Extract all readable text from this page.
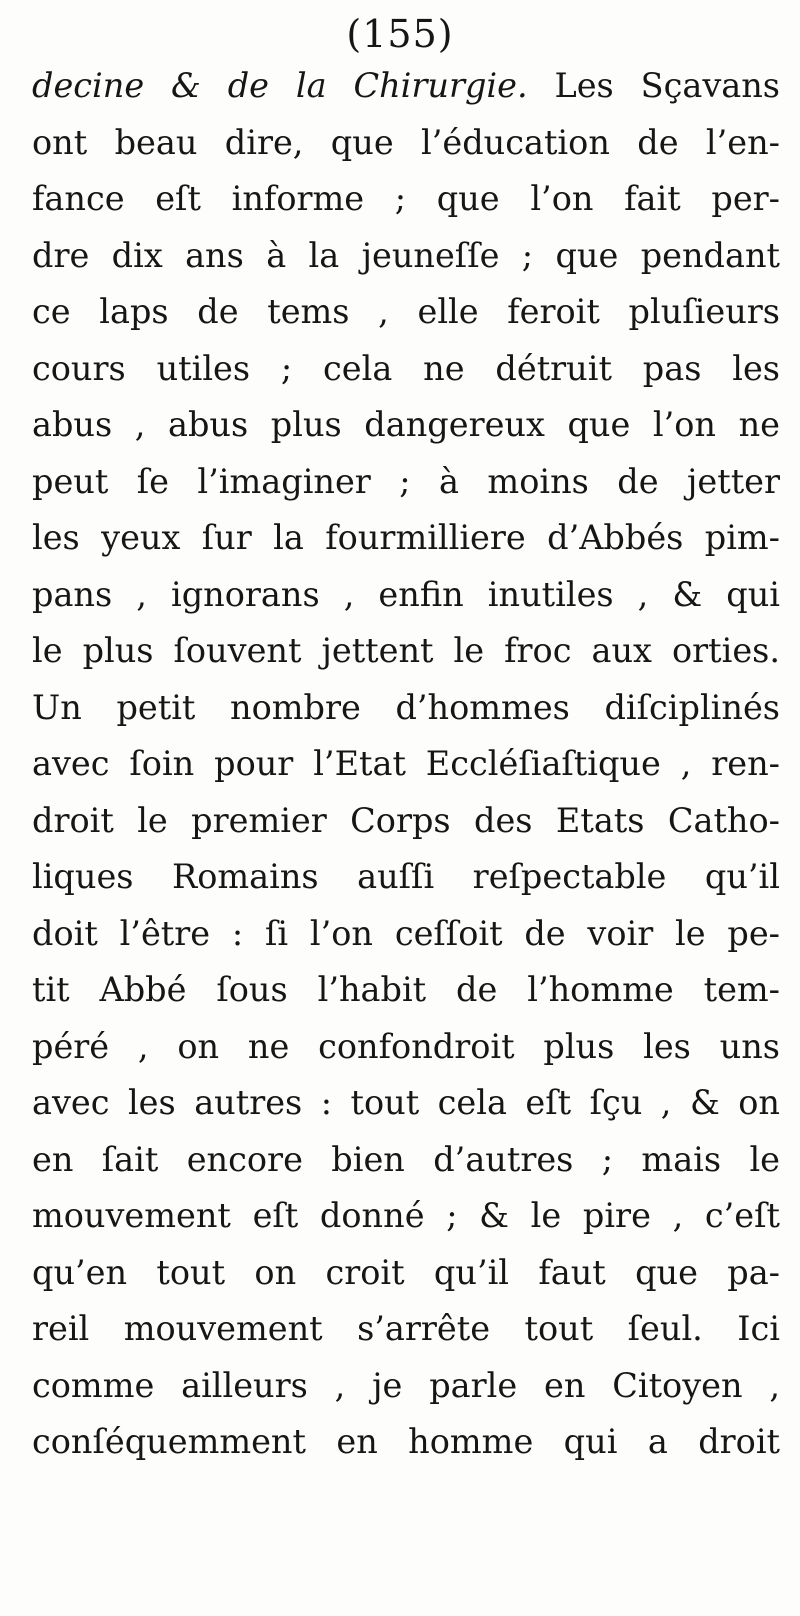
(155)
decine & de la Chirurgie. Les Sçavans
ont beau dire, que l’éducation de l’en-
fance eſt informe ; que l’on fait per-
dre dix ans à la jeuneſſe ; que pendant
ce laps de tems , elle feroit pluſieurs
cours utiles ; cela ne détruit pas les
abus , abus plus dangereux que l’on ne
peut ſe l’imaginer ; à moins de jetter
les yeux ſur la fourmilliere d’Abbés pim-
pans , ignorans , enfin inutiles , & qui
le plus ſouvent jettent le froc aux orties.
Un petit nombre d’hommes diſciplinés
avec ſoin pour l’Etat Eccléſiaſtique , ren-
droit le premier Corps des Etats Catho-
liques Romains auſſi reſpectable qu’il
doit l’être : ſi l’on ceſſoit de voir le pe-
tit Abbé ſous l’habit de l’homme tem-
péré , on ne confondroit plus les uns
avec les autres : tout cela eſt ſçu , & on
en ſait encore bien d’autres ; mais le
mouvement eſt donné ; & le pire , c’eſt
qu’en tout on croit qu’il faut que pa-
reil mouvement s’arrête tout ſeul. Ici
comme ailleurs , je parle en Citoyen ,
conſéquemment en homme qui a droit
